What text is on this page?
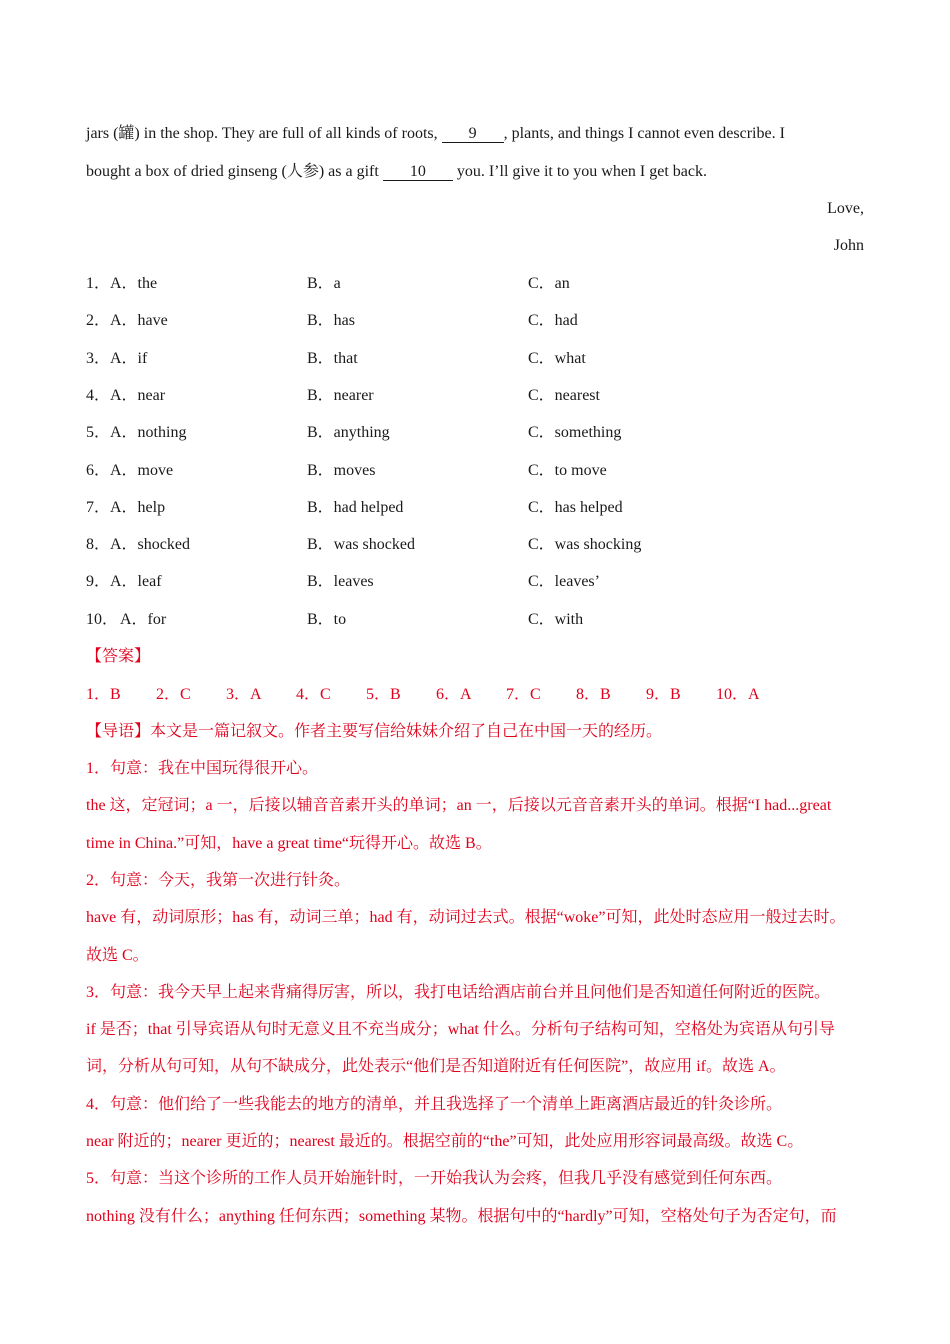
jars (罐) in the shop. They are full of all kinds of roots, 9 , plants, and things I cannot even describe. I
bought a box of dried ginseng (人参) as a gift 10 you. I’ll give it to you when I get back.
Love,
John
1． A．the	B．a	C．an
2． A．have	B．has	C．had
3． A．if	B．that	C．what
4． A．near	B．nearer	C．nearest
5． A．nothing	B．anything	C．something
6． A．move	B．moves	C．to move
7． A．help	B．had helped	C．has helped
8． A．shocked	B．was shocked	C．was shocking
9． A．leaf	B．leaves	C．leaves’
10． A．for	B．to	C．with
【答案】
1．B 2．C 3．A 4．C 5．B 6．A 7．C 8．B 9．B 10．A
【导语】本文是一篇记叙文。作者主要写信给妹妹介绍了自己在中国一天的经历。
1．句意：我在中国玩得很开心。
the 这，定冠词；a 一，后接以辅音音素开头的单词；an 一，后接以元音音素开头的单词。根据“I had...great
time in China.”可知，have a great time“玩得开心。故选 B。
2．句意：今天，我第一次进行针灸。
have 有，动词原形；has 有，动词三单；had 有，动词过去式。根据“woke”可知，此处时态应用一般过去时。
故选 C。
3．句意：我今天早上起来背痛得厉害，所以，我打电话给酒店前台并且问他们是否知道任何附近的医院。
if 是否；that 引导宾语从句时无意义且不充当成分；what 什么。分析句子结构可知，空格处为宾语从句引导
词，分析从句可知，从句不缺成分，此处表示“他们是否知道附近有任何医院”，故应用 if。故选 A。
4．句意：他们给了一些我能去的地方的清单，并且我选择了一个清单上距离酒店最近的针灸诊所。
near 附近的；nearer 更近的；nearest 最近的。根据空前的“the”可知，此处应用形容词最高级。故选 C。
5．句意：当这个诊所的工作人员开始施针时，一开始我认为会疼，但我几乎没有感觉到任何东西。
nothing 没有什么；anything 任何东西；something 某物。根据句中的“hardly”可知，空格处句子为否定句，而
